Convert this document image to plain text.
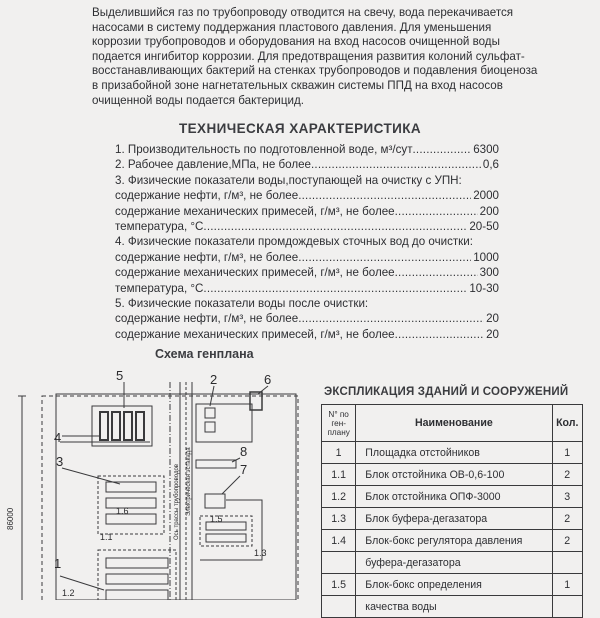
Выделившийся газ по трубопроводу отводится на свечу, вода перекачивается
насосами в систему поддержания пластового давления. Для уменьшения
коррозии трубопроводов и оборудования на вход насосов очищенной воды
подается ингибитор коррозии. Для предотвращения развития колоний сульфат-
восстанавливающих бактерий на стенках трубопроводов и подавления биоценоза
в призабойной зоне нагнетательных скважин системы ППД на вход насосов
очищенной воды подается бактерицид.

ТЕХНИЧЕСКАЯ ХАРАКТЕРИСТИКА
1. Производительность по подготовленной воде, м³/сут .....	6300
2. Рабочее давление,МПа, не более .....	0,6
3. Физические показатели воды,поступающей на очистку с УПН:
содержание нефти, г/м³, не более .....	2000
содержание механических примесей, г/м³, не более .....	200
температура, °С .....	20-50
4. Физические показатели промдождевых сточных вод до очистки:
содержание нефти, г/м³, не более .....	1000
содержание механических примесей, г/м³, не более .....	300
температура, °С .....	10-30
5. Физические показатели воды после очистки:
содержание нефти, г/м³, не более .....	20
содержание механических примесей, г/м³, не более .....	20
Схема генплана
5	2	6
4
3
8
7
1
1.6
1.1
1.5
1.3
1.2
86000	Ось трассы трубопроводов Электрическая эстакада
ЭКСПЛИКАЦИЯ ЗДАНИЙ И СООРУЖЕНИЙ
N° по ген- плану	Наименование	Кол.
1	Площадка отстойников	1
1.1	Блок отстойника ОВ-0,6-100	2
1.2	Блок отстойника ОПФ-3000	3
1.3	Блок буфера-дегазатора	2
1.4	Блок-бокс регулятора давления	2
	буфера-дегазатора	
1.5	Блок-бокс определения	1
	качества воды	
